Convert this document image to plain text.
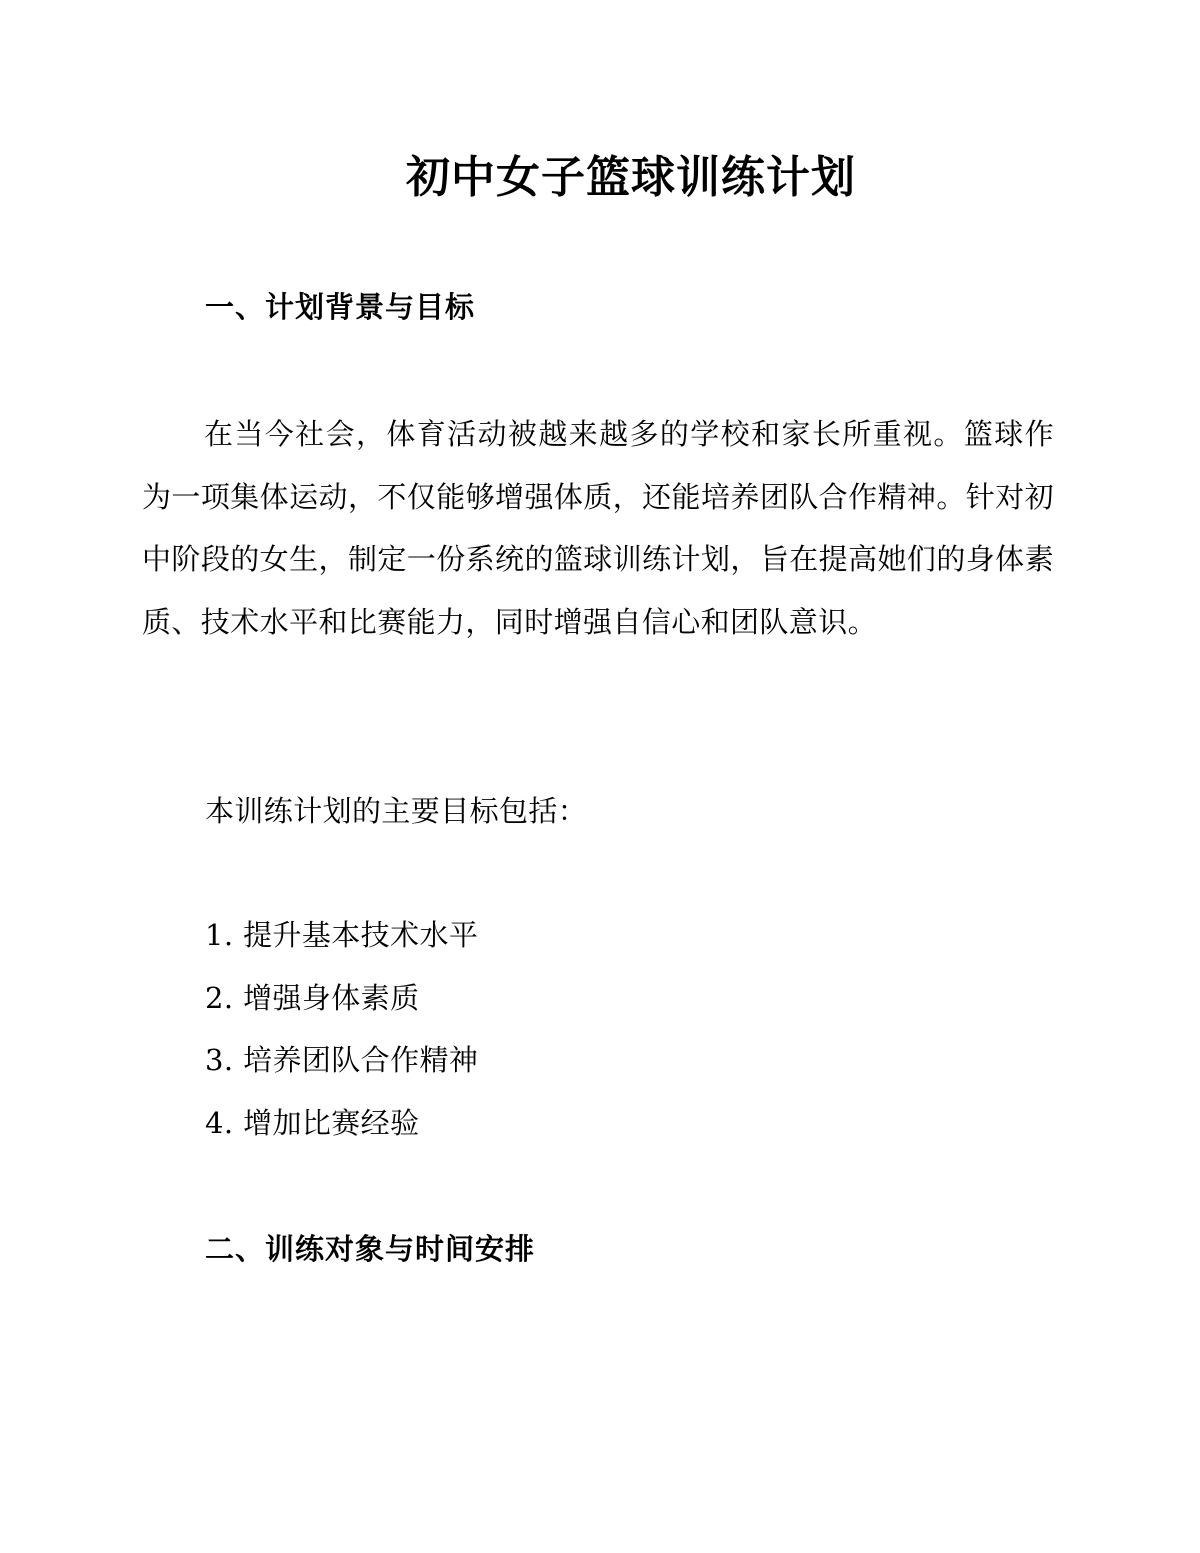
初中女子篮球训练计划
一、计划背景与目标

在当今社会，体育活动被越来越多的学校和家长所重视。篮球作为一项集体运动，不仅能够增强体质，还能培养团队合作精神。针对初中阶段的女生，制定一份系统的篮球训练计划，旨在提高她们的身体素质、技术水平和比赛能力，同时增强自信心和团队意识。

本训练计划的主要目标包括：

1. 提升基本技术水平
2. 增强身体素质
3. 培养团队合作精神
4. 增加比赛经验
二、训练对象与时间安排
